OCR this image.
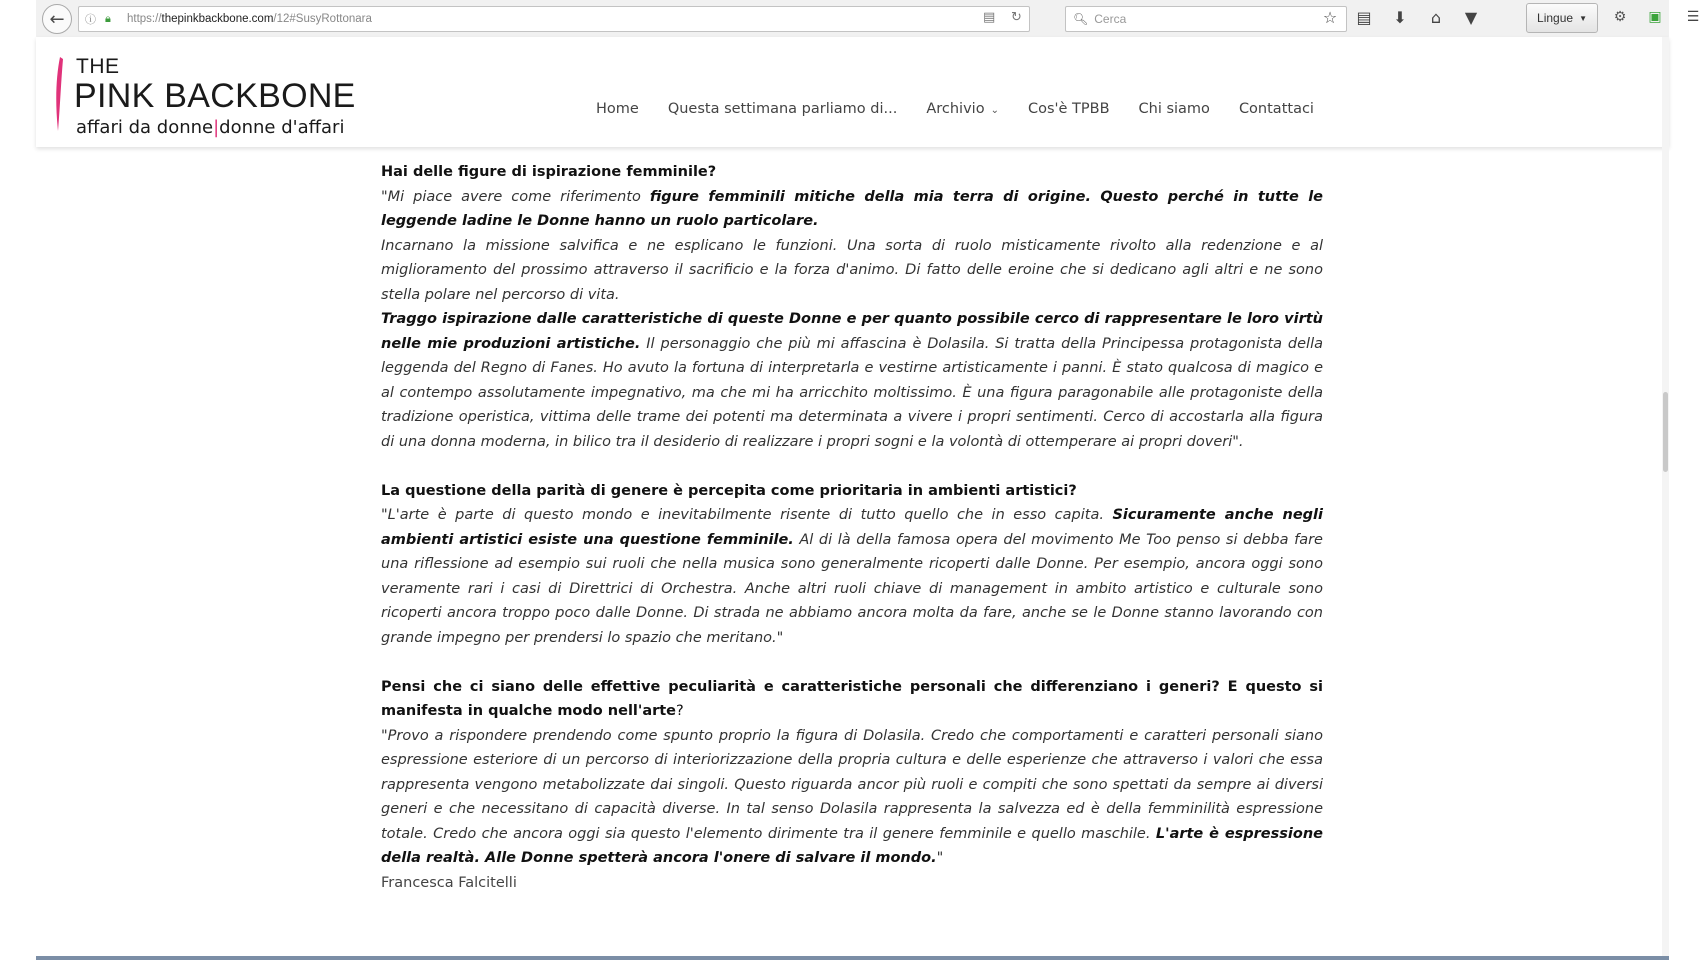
← ⓘ 🔒︎	https://thepinkbackbone.com/12#SusyRottonara	▤ ↻	🔍︎ Cerca	☆ ▤ ⬇	⌂	▼	Lingue ▼ ⚙ ▣ ☰
THE
PINK BACKBONE
affari da donne|donne d'affari
Home Questa settimana parliamo di... Archivio ⌄ Cos'è TPBB Chi siamo Contattaci

Hai delle figure di ispirazione femminile?

"Mi piace avere come riferimento figure femminili mitiche della mia terra di origine. Questo perché in tutte le leggende ladine le Donne hanno un ruolo particolare.

Incarnano la missione salvifica e ne esplicano le funzioni. Una sorta di ruolo misticamente rivolto alla redenzione e al miglioramento del prossimo attraverso il sacrificio e la forza d'animo. Di fatto delle eroine che si dedicano agli altri e ne sono stella polare nel percorso di vita.

Traggo ispirazione dalle caratteristiche di queste Donne e per quanto possibile cerco di rappresentare le loro virtù nelle mie produzioni artistiche. Il personaggio che più mi affascina è Dolasila. Si tratta della Principessa protagonista della leggenda del Regno di Fanes. Ho avuto la fortuna di interpretarla e vestirne artisticamente i panni. È stato qualcosa di magico e al contempo assolutamente impegnativo, ma che mi ha arricchito moltissimo. È una figura paragonabile alle protagoniste della tradizione operistica, vittima delle trame dei potenti ma determinata a vivere i propri sentimenti. Cerco di accostarla alla figura di una donna moderna, in bilico tra il desiderio di realizzare i propri sogni e la volontà di ottemperare ai propri doveri".

La questione della parità di genere è percepita come prioritaria in ambienti artistici?

"L'arte è parte di questo mondo e inevitabilmente risente di tutto quello che in esso capita. Sicuramente anche negli ambienti artistici esiste una questione femminile. Al di là della famosa opera del movimento Me Too penso si debba fare una riflessione ad esempio sui ruoli che nella musica sono generalmente ricoperti dalle Donne. Per esempio, ancora oggi sono veramente rari i casi di Direttrici di Orchestra. Anche altri ruoli chiave di management in ambito artistico e culturale sono ricoperti ancora troppo poco dalle Donne. Di strada ne abbiamo ancora molta da fare, anche se le Donne stanno lavorando con grande impegno per prendersi lo spazio che meritano."

Pensi che ci siano delle effettive peculiarità e caratteristiche personali che differenziano i generi? E questo si manifesta in qualche modo nell'arte?

"Provo a rispondere prendendo come spunto proprio la figura di Dolasila. Credo che comportamenti e caratteri personali siano espressione esteriore di un percorso di interiorizzazione della propria cultura e delle esperienze che attraverso i valori che essa rappresenta vengono metabolizzate dai singoli. Questo riguarda ancor più ruoli e compiti che sono spettati da sempre ai diversi generi e che necessitano di capacità diverse. In tal senso Dolasila rappresenta la salvezza ed è della femminilità espressione totale. Credo che ancora oggi sia questo l'elemento dirimente tra il genere femminile e quello maschile. L'arte è espressione della realtà. Alle Donne spetterà ancora l'onere di salvare il mondo."

Francesca Falcitelli
